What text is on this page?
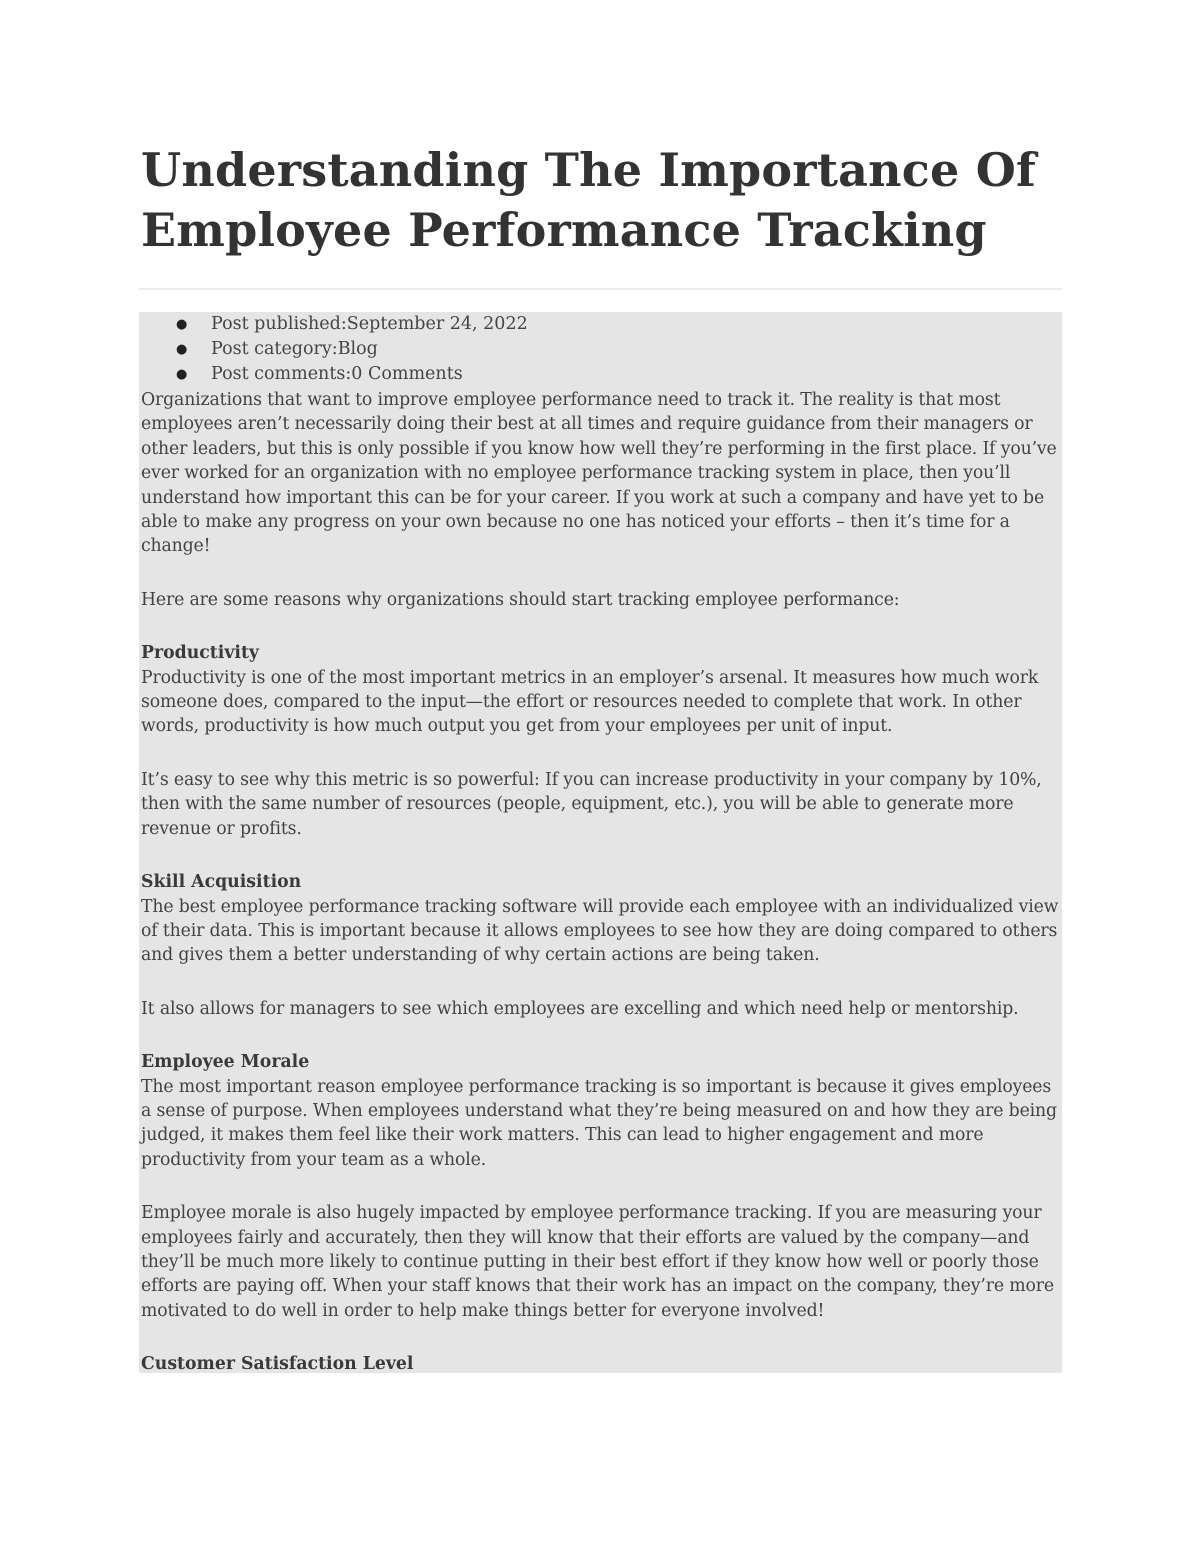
Understanding The Importance Of Employee Performance Tracking
● Post published:September 24, 2022
● Post category:Blog
● Post comments:0 Comments

Organizations that want to improve employee performance need to track it. The reality is that most employees aren’t necessarily doing their best at all times and require guidance from their managers or other leaders, but this is only possible if you know how well they’re performing in the first place. If you’ve ever worked for an organization with no employee performance tracking system in place, then you’ll understand how important this can be for your career. If you work at such a company and have yet to be able to make any progress on your own because no one has noticed your efforts – then it’s time for a change!

Here are some reasons why organizations should start tracking employee performance:

Productivity

Productivity is one of the most important metrics in an employer’s arsenal. It measures how much work someone does, compared to the input—the effort or resources needed to complete that work. In other words, productivity is how much output you get from your employees per unit of input.

It’s easy to see why this metric is so powerful: If you can increase productivity in your company by 10%, then with the same number of resources (people, equipment, etc.), you will be able to generate more revenue or profits.

Skill Acquisition

The best employee performance tracking software will provide each employee with an individualized view of their data. This is important because it allows employees to see how they are doing compared to others and gives them a better understanding of why certain actions are being taken.

It also allows for managers to see which employees are excelling and which need help or mentorship.

Employee Morale

The most important reason employee performance tracking is so important is because it gives employees a sense of purpose. When employees understand what they’re being measured on and how they are being judged, it makes them feel like their work matters. This can lead to higher engagement and more productivity from your team as a whole.

Employee morale is also hugely impacted by employee performance tracking. If you are measuring your employees fairly and accurately, then they will know that their efforts are valued by the company—and they’ll be much more likely to continue putting in their best effort if they know how well or poorly those efforts are paying off. When your staff knows that their work has an impact on the company, they’re more motivated to do well in order to help make things better for everyone involved!

Customer Satisfaction Level
